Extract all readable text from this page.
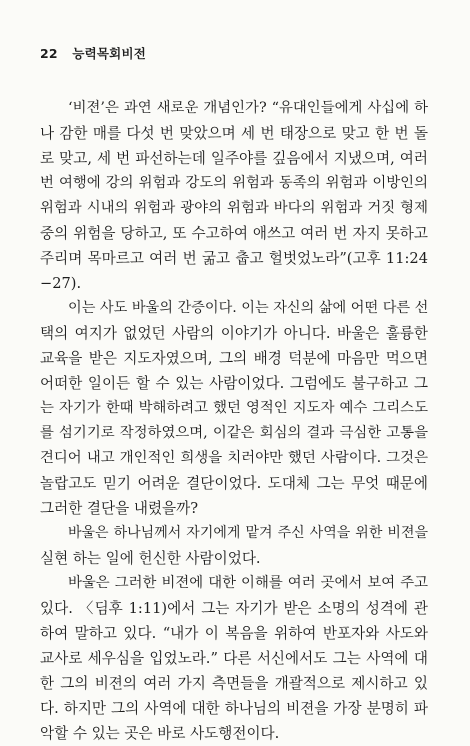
22 능력목회비전
‘비젼’은 과연 새로운 개념인가? “유대인들에게 사십에 하
나 감한 매를 다섯 번 맞았으며 세 번 태장으로 맞고 한 번 돌
로 맞고, 세 번 파선하는데 일주야를 깊음에서 지냈으며, 여러
번 여행에 강의 위험과 강도의 위험과 동족의 위험과 이방인의
위험과 시내의 위험과 광야의 위험과 바다의 위험과 거짓 형제
중의 위험을 당하고, 또 수고하여 애쓰고 여러 번 자지 못하고
주리며 목마르고 여러 번 굶고 춥고 헐벗었노라”(고후 11:24
−27).
이는 사도 바울의 간증이다. 이는 자신의 삶에 어떤 다른 선
택의 여지가 없었던 사람의 이야기가 아니다. 바울은 훌륭한
교육을 받은 지도자였으며, 그의 배경 덕분에 마음만 먹으면
어떠한 일이든 할 수 있는 사람이었다. 그럼에도 불구하고 그
는 자기가 한때 박해하려고 했던 영적인 지도자 예수 그리스도
를 섬기기로 작정하였으며, 이같은 회심의 결과 극심한 고통을
견디어 내고 개인적인 희생을 치러야만 했던 사람이다. 그것은
놀랍고도 믿기 어려운 결단이었다. 도대체 그는 무엇 때문에
그러한 결단을 내렸을까?
바울은 하나님께서 자기에게 맡겨 주신 사역을 위한 비젼을
실현 하는 일에 헌신한 사람이었다.
바울은 그러한 비젼에 대한 이해를 여러 곳에서 보여 주고
있다. 〈딤후 1:11)에서 그는 자기가 받은 소명의 성격에 관
하여 말하고 있다. “내가 이 복음을 위하여 반포자와 사도와
교사로 세우심을 입었노라.” 다른 서신에서도 그는 사역에 대
한 그의 비젼의 여러 가지 측면들을 개괄적으로 제시하고 있
다. 하지만 그의 사역에 대한 하나님의 비젼을 가장 분명히 파
악할 수 있는 곳은 바로 사도행전이다.
